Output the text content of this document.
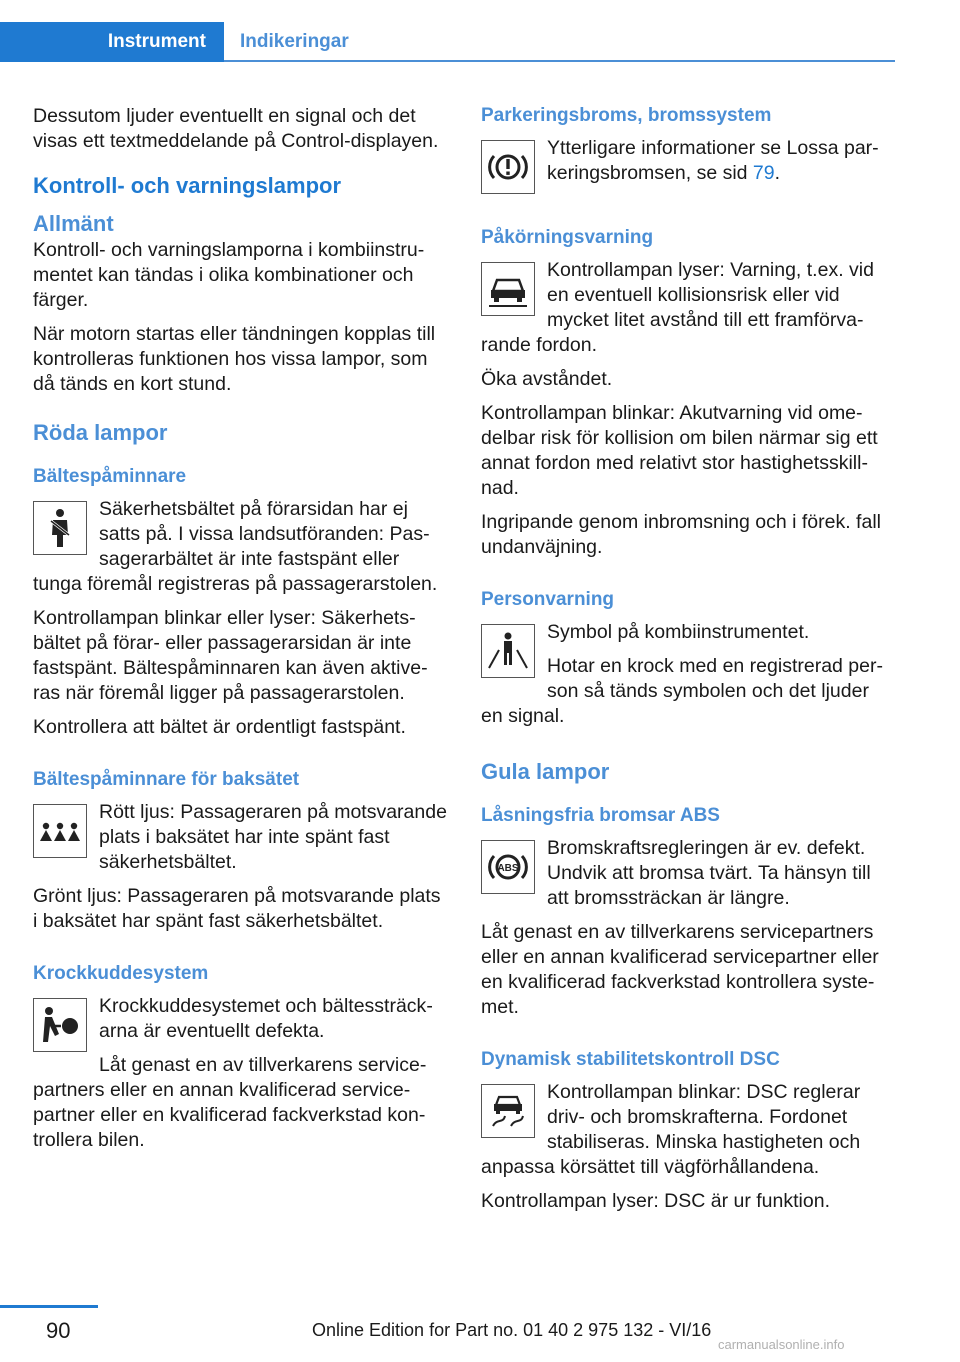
Instrument Indikeringar

Dessutom ljuder eventuellt en signal och det visas ett textmeddelande på Control-displayen.

Kontroll- och varningslampor
Allmänt

Kontroll- och varningslamporna i kombiinstrumentet kan tändas i olika kombinationer och färger.

När motorn startas eller tändningen kopplas till kontrolleras funktionen hos vissa lampor, som då tänds en kort stund.

Röda lampor
Bältespåminnare

Säkerhetsbältet på förarsidan har ej satts på. I vissa landsutföranden: Passagerarbältet är inte fastspänt eller tunga föremål registreras på passagerarstolen.

Kontrollampan blinkar eller lyser: Säkerhetsbältet på förar- eller passagerarsidan är inte fastspänt. Bältespåminnaren kan även aktiveras när föremål ligger på passagerarstolen.

Kontrollera att bältet är ordentligt fastspänt.

Bältespåminnare för baksätet

Rött ljus: Passageraren på motsvarande plats i baksätet har inte spänt fast säkerhetsbältet.

Grönt ljus: Passageraren på motsvarande plats i baksätet har spänt fast säkerhetsbältet.

Krockkuddesystem

Krockkuddesystemet och bältessträckarna är eventuellt defekta.

Låt genast en av tillverkarens servicepartners eller en annan kvalificerad servicepartner eller en kvalificerad fackverkstad kontrollera bilen.

Parkeringsbroms, bromssystem

Ytterligare informationer se Lossa parkeringsbromsen, se sid 79.

Påkörningsvarning

Kontrollampan lyser: Varning, t.ex. vid en eventuell kollisionsrisk eller vid mycket litet avstånd till ett framförvarande fordon.

Öka avståndet.

Kontrollampan blinkar: Akutvarning vid omedelbar risk för kollision om bilen närmar sig ett annat fordon med relativt stor hastighetsskillnad.

Ingripande genom inbromsning och i förek. fall undanväjning.

Personvarning

Symbol på kombiinstrumentet.

Hotar en krock med en registrerad person så tänds symbolen och det ljuder en signal.

Gula lampor
Låsningsfria bromsar ABS
ABS

Bromskraftsregleringen är ev. defekt. Undvik att bromsa tvärt. Ta hänsyn till att bromssträckan är längre.

Låt genast en av tillverkarens servicepartners eller en annan kvalificerad servicepartner eller en kvalificerad fackverkstad kontrollera systemet.

Dynamisk stabilitetskontroll DSC

Kontrollampan blinkar: DSC reglerar driv- och bromskrafterna. Fordonet stabiliseras. Minska hastigheten och anpassa körsättet till vägförhållandena.

Kontrollampan lyser: DSC är ur funktion.

90	Online Edition for Part no. 01 40 2 975 132 - VI/16
carmanualsonline.info
